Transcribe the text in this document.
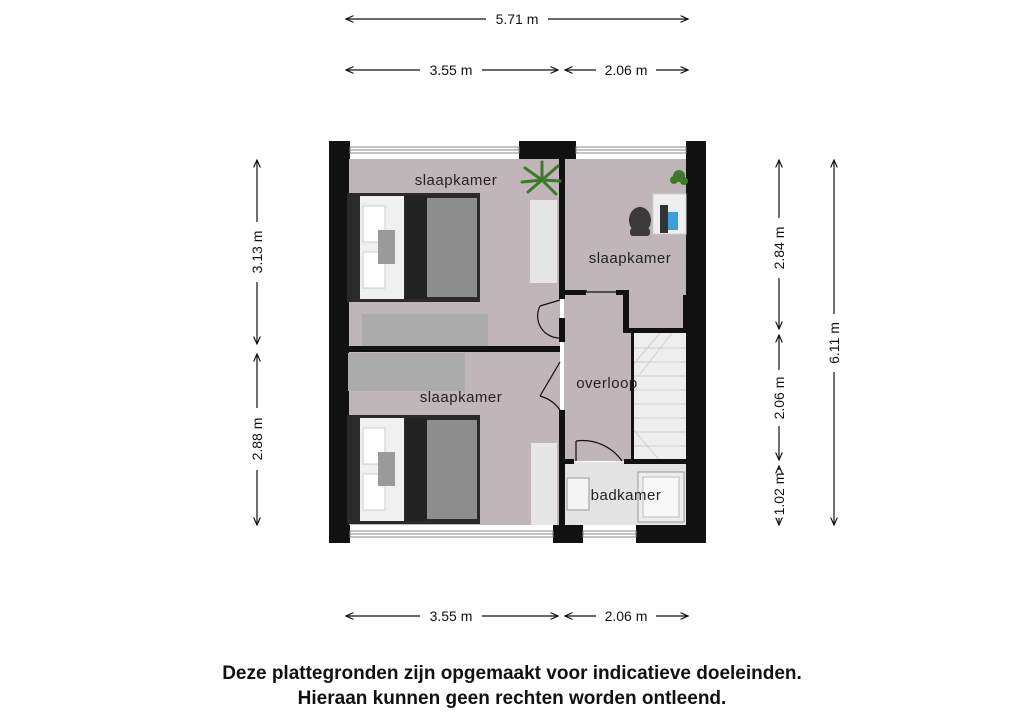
5.71 m
3.55 m	2.06 m
3.55 m	2.06 m
3.13 m
2.88 m
2.84 m
2.06 m
1.02 m
6.11 m
slaapkamer
slaapkamer
slaapkamer
overloop
badkamer
Deze plattegronden zijn opgemaakt voor indicatieve doeleinden.
Hieraan kunnen geen rechten worden ontleend.
